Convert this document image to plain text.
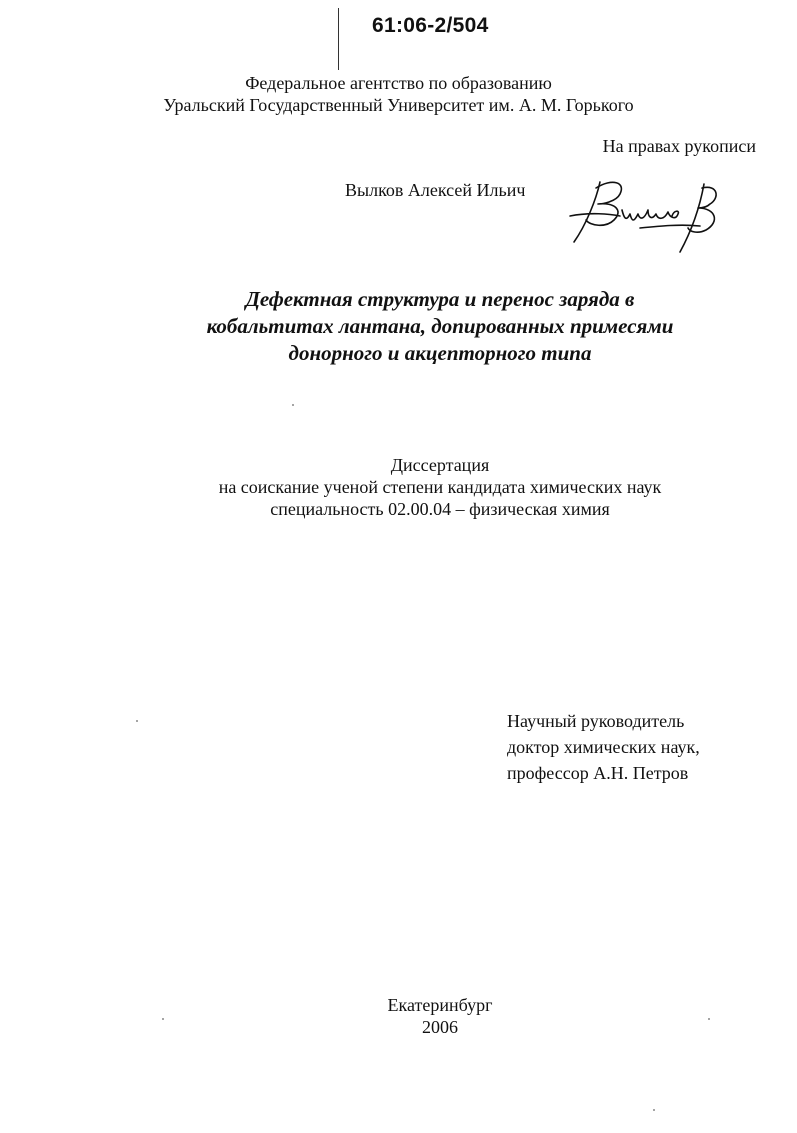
61:06-2/504
Федеральное агентство по образованию
Уральский Государственный Университет им. А. М. Горького
На правах рукописи
Вылков Алексей Ильич
Дефектная структура и перенос заряда в
кобальтитах лантана, допированных примесями
донорного и акцепторного типа
Диссертация
на соискание ученой степени кандидата химических наук
специальность 02.00.04 – физическая химия
Научный руководитель
доктор химических наук,
профессор А.Н. Петров
Екатеринбург
2006
